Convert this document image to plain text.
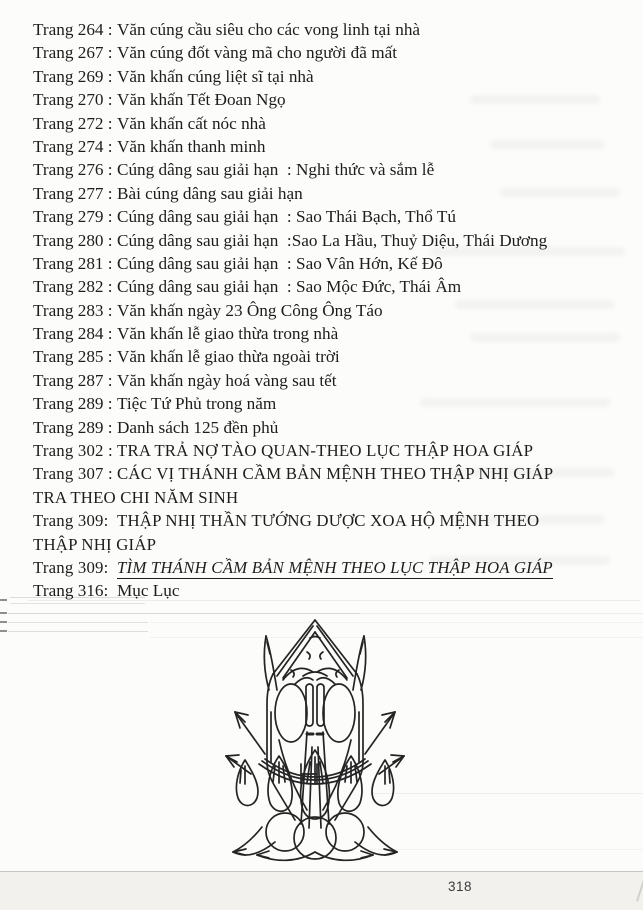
Trang 264 : Văn cúng cầu siêu cho các vong linh tại nhà
Trang 267 : Văn cúng đốt vàng mã cho người đã mất
Trang 269 : Văn khấn cúng liệt sĩ tại nhà
Trang 270 : Văn khấn Tết Đoan Ngọ
Trang 272 : Văn khấn cất nóc nhà
Trang 274 : Văn khấn thanh minh
Trang 276 : Cúng dâng sau giải hạn  : Nghi thức và sắm lễ
Trang 277 : Bài cúng dâng sau giải hạn
Trang 279 : Cúng dâng sau giải hạn  : Sao Thái Bạch, Thổ Tú
Trang 280 : Cúng dâng sau giải hạn  :Sao La Hầu, Thuỷ Diệu, Thái Dương
Trang 281 : Cúng dâng sau giải hạn  : Sao Vân Hớn, Kế Đô
Trang 282 : Cúng dâng sau giải hạn  : Sao Mộc Đức, Thái Âm
Trang 283 : Văn khấn ngày 23 Ông Công Ông Táo
Trang 284 : Văn khấn lễ giao thừa trong nhà
Trang 285 : Văn khấn lễ giao thừa ngoài trời
Trang 287 : Văn khấn ngày hoá vàng sau tết
Trang 289 : Tiệc Tứ Phủ trong năm
Trang 289 : Danh sách 125 đền phủ
Trang 302 : TRA TRẢ NỢ TÀO QUAN-THEO LỤC THẬP HOA GIÁP
Trang 307 : CÁC VỊ THÁNH CẦM BẢN MỆNH THEO THẬP NHỊ GIÁP
TRA THEO CHI NĂM SINH
Trang 309: THẬP NHỊ THẦN TƯỚNG DƯỢC XOA HỘ MỆNH THEO
THẬP NHỊ GIÁP
Trang 309: TÌM THÁNH CẦM BẢN MỆNH THEO LỤC THẬP HOA GIÁP
Trang 316: Mục Lục
318
